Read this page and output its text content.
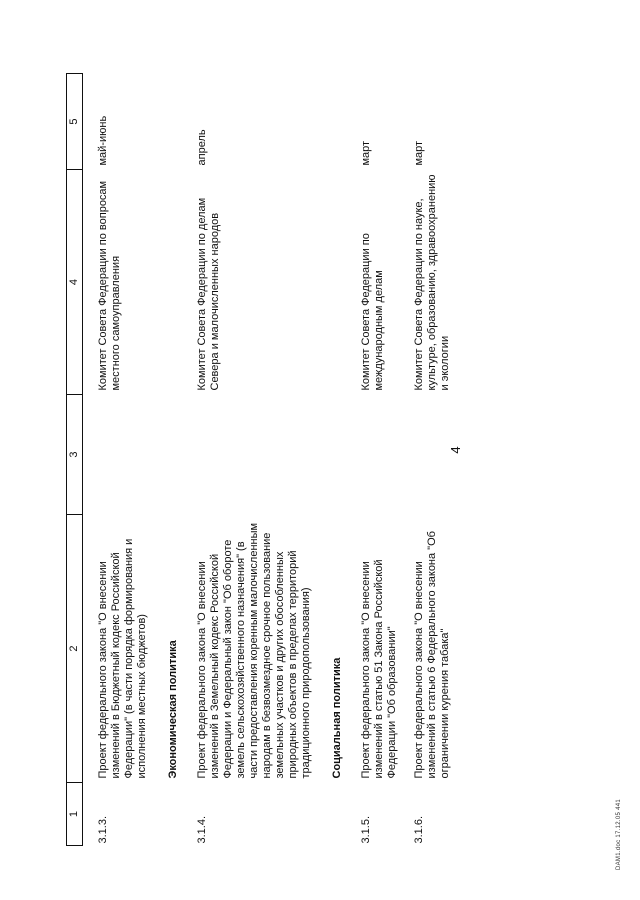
1	2	3	4	5
3.1.3.	Проект федерального закона "О внесении изменений в Бюджетный кодекс Российской Федерации" (в части порядка формирования и исполнения местных бюджетов)		Комитет Совета Федерации по вопросам местного самоуправления	май-июнь
	Экономическая политика			
3.1.4.	Проект федерального закона "О внесении изменений в Земельный кодекс Российской Федерации и Федеральный закон "Об обороте земель сельскохозяйственного назначения" (в части предоставления коренным малочисленным народам в безвозмездное срочное пользование земельных участков и других обособленных природных объектов в пределах территорий традиционного природопользования)		Комитет Совета Федерации по делам Севера и малочисленных народов	апрель
	Социальная политика			
3.1.5.	Проект федерального закона "О внесении изменений в статью 51 Закона Российской Федерации "Об образовании"		Комитет Совета Федерации по международным делам	март

3.1.6.	Проект федерального закона "О внесении изменений в статью 6 Федерального закона "Об ограничении курения табака"		Комитет Совета Федерации по науке, культуре, образованию, здравоохранению и экологии	март
4
DAM1.doc 17.12.05 441
